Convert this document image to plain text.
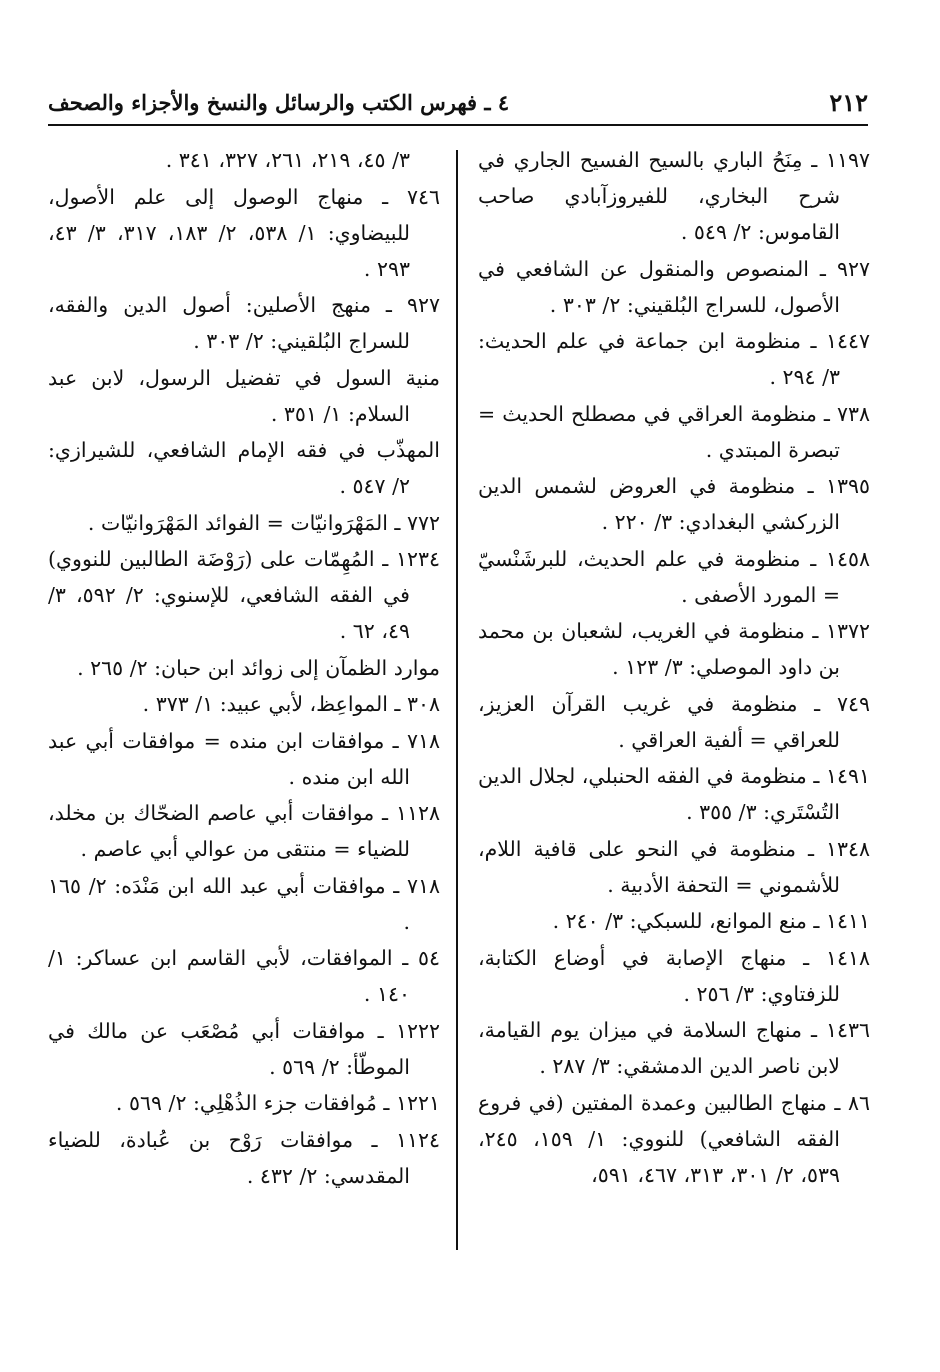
٢١٢
٤ ـ فهرس الكتب والرسائل والنسخ والأجزاء والصحف

١١٩٧ ـ مِنَحُ الباري بالسيح الفسيح الجاري في شرح البخاري، للفيروزآبادي صاحب القاموس: ٢/ ٥٤٩ .

٩٢٧ ـ المنصوص والمنقول عن الشافعي في الأصول، للسراج البُلقيني: ٢/ ٣٠٣ .

١٤٤٧ ـ منظومة ابن جماعة في علم الحديث: ٣/ ٢٩٤ .

٧٣٨ ـ منظومة العراقي في مصطلح الحديث = تبصرة المبتدي .

١٣٩٥ ـ منظومة في العروض لشمس الدين الزركشي البغدادي: ٣/ ٢٢٠ .

١٤٥٨ ـ منظومة في علم الحديث، للبرشَنْسيّ = المورد الأصفى .

١٣٧٢ ـ منظومة في الغريب، لشعبان بن محمد بن داود الموصلي: ٣/ ١٢٣ .

٧٤٩ ـ منظومة في غريب القرآن العزيز، للعراقي = ألفية العراقي .

١٤٩١ ـ منظومة في الفقه الحنبلي، لجلال الدين التُسْتَري: ٣/ ٣٥٥ .

١٣٤٨ ـ منظومة في النحو على قافية اللام، للأشموني = التحفة الأدبية .

١٤١١ ـ منع الموانع، للسبكي: ٣/ ٢٤٠ .

١٤١٨ ـ منهاج الإصابة في أوضاع الكتابة، للزفتاوي: ٣/ ٢٥٦ .

١٤٣٦ ـ منهاج السلامة في ميزان يوم القيامة، لابن ناصر الدين الدمشقي: ٣/ ٢٨٧ .

٨٦ ـ منهاج الطالبين وعمدة المفتين (في فروع الفقه الشافعي) للنووي: ١/ ١٥٩، ٢٤٥، ٥٣٩، ٢/ ٣٠١، ٣١٣، ٤٦٧، ٥٩١،

٣/ ٤٥، ٢١٩، ٢٦١، ٣٢٧، ٣٤١ .

٧٤٦ ـ منهاج الوصول إلى علم الأصول، للبيضاوي: ١/ ٥٣٨، ٢/ ١٨٣، ٣١٧، ٣/ ٤٣، ٢٩٣ .

٩٢٧ ـ منهج الأصلين: أصول الدين والفقه، للسراج البُلقيني: ٢/ ٣٠٣ .

منية السول في تفضيل الرسول، لابن عبد السلام: ١/ ٣٥١ .

المهذّب في فقه الإمام الشافعي، للشيرازي: ٢/ ٥٤٧ .

٧٧٢ ـ المَهْرَوانيّات = الفوائد المَهْرَوانيّات .

١٢٣٤ ـ المُهِمّات على (رَوْضَة الطالبين للنووي) في الفقه الشافعي، للإسنوي: ٢/ ٥٩٢، ٣/ ٤٩، ٦٢ .

موارد الظمآن إلى زوائد ابن حبان: ٢/ ٢٦٥ .

٣٠٨ ـ المواعِظ، لأبي عبيد: ١/ ٣٧٣ .

٧١٨ ـ موافقات ابن منده = موافقات أبي عبد الله ابن منده .

١١٢٨ ـ موافقات أبي عاصم الضحّاك بن مخلد، للضياء = منتقى من عوالي أبي عاصم .

٧١٨ ـ موافقات أبي عبد الله ابن مَنْدَه: ٢/ ١٦٥ .

٥٤ ـ الموافقات، لأبي القاسم ابن عساكر: ١/ ١٤٠ .

١٢٢٢ ـ موافقات أبي مُصْعَب عن مالك في الموطّأ: ٢/ ٥٦٩ .

١٢٢١ ـ مُوافقات جزء الذُهْلِي: ٢/ ٥٦٩ .

١١٢٤ ـ موافقات رَوْح بن عُبادة، للضياء المقدسي: ٢/ ٤٣٢ .
